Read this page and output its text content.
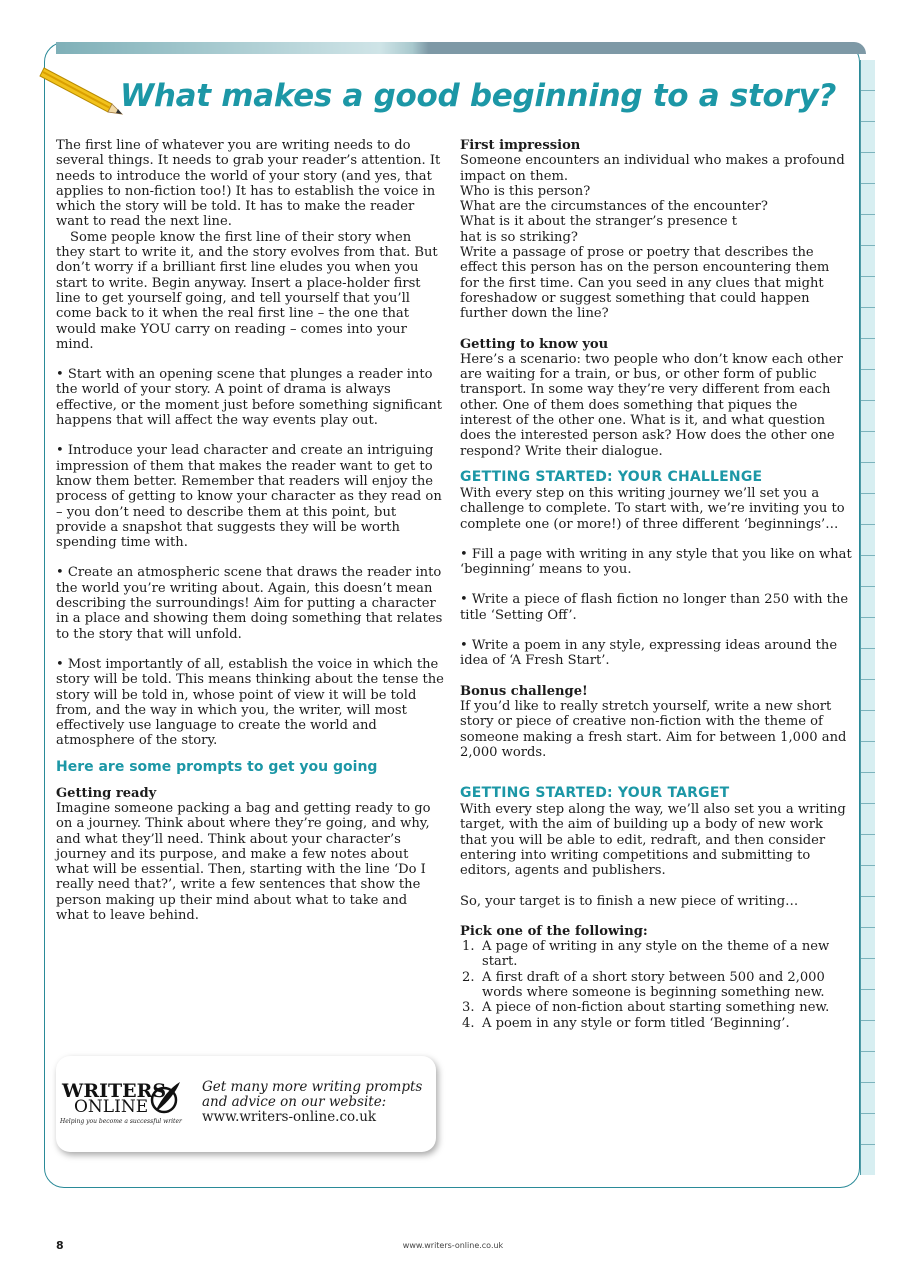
What makes a good beginning to a story?

The first line of whatever you are writing needs to do several things. It needs to grab your reader’s attention. It needs to introduce the world of your story (and yes, that applies to non-fiction too!) It has to establish the voice in which the story will be told. It has to make the reader want to read the next line.

Some people know the first line of their story when they start to write it, and the story evolves from that. But don’t worry if a brilliant first line eludes you when you start to write. Begin anyway. Insert a place-holder first line to get yourself going, and tell yourself that you’ll come back to it when the real first line – the one that would make YOU carry on reading – comes into your mind.

• Start with an opening scene that plunges a reader into the world of your story. A point of drama is always effective, or the moment just before something significant happens that will affect the way events play out.

• Introduce your lead character and create an intriguing impression of them that makes the reader want to get to know them better. Remember that readers will enjoy the process of getting to know your character as they read on – you don’t need to describe them at this point, but provide a snapshot that suggests they will be worth spending time with.

• Create an atmospheric scene that draws the reader into the world you’re writing about. Again, this doesn’t mean describing the surroundings! Aim for putting a character in a place and showing them doing something that relates to the story that will unfold.

• Most importantly of all, establish the voice in which the story will be told. This means thinking about the tense the story will be told in, whose point of view it will be told from, and the way in which you, the writer, will most effectively use language to create the world and atmosphere of the story.

Here are some prompts to get you going

Getting ready

Imagine someone packing a bag and getting ready to go on a journey. Think about where they’re going, and why, and what they’ll need. Think about your character’s journey and its purpose, and make a few notes about what will be essential. Then, starting with the line ‘Do I really need that?’, write a few sentences that show the person making up their mind about what to take and what to leave behind.

WRITERS
ONLINE
Helping you become a successful writer
Get many more writing prompts
and advice on our website:
www.writers-online.co.uk

First impression

Someone encounters an individual who makes a profound impact on them.

Who is this person?

What are the circumstances of the encounter?

What is it about the stranger’s presence t

hat is so striking?

Write a passage of prose or poetry that describes the effect this person has on the person encountering them for the first time. Can you seed in any clues that might foreshadow or suggest something that could happen further down the line?

Getting to know you

Here’s a scenario: two people who don’t know each other are waiting for a train, or bus, or other form of public transport. In some way they’re very different from each other. One of them does something that piques the interest of the other one. What is it, and what question does the interested person ask? How does the other one respond? Write their dialogue.

GETTING STARTED: YOUR CHALLENGE

With every step on this writing journey we’ll set you a challenge to complete. To start with, we’re inviting you to complete one (or more!) of three different ‘beginnings’…

• Fill a page with writing in any style that you like on what ‘beginning’ means to you.

• Write a piece of flash fiction no longer than 250 with the title ‘Setting Off’.

• Write a poem in any style, expressing ideas around the idea of ‘A Fresh Start’.

Bonus challenge!

If you’d like to really stretch yourself, write a new short story or piece of creative non-fiction with the theme of someone making a fresh start. Aim for between 1,000 and 2,000 words.

GETTING STARTED: YOUR TARGET

With every step along the way, we’ll also set you a writing target, with the aim of building up a body of new work that you will be able to edit, redraft, and then consider entering into writing competitions and submitting to editors, agents and publishers.

So, your target is to finish a new piece of writing…

Pick one of the following:

1. A page of writing in any style on the theme of a new start.
2. A first draft of a short story between 500 and 2,000 words where someone is beginning something new.
3. A piece of non-fiction about starting something new.
4. A poem in any style or form titled ‘Beginning’.
8	www.writers-online.co.uk
